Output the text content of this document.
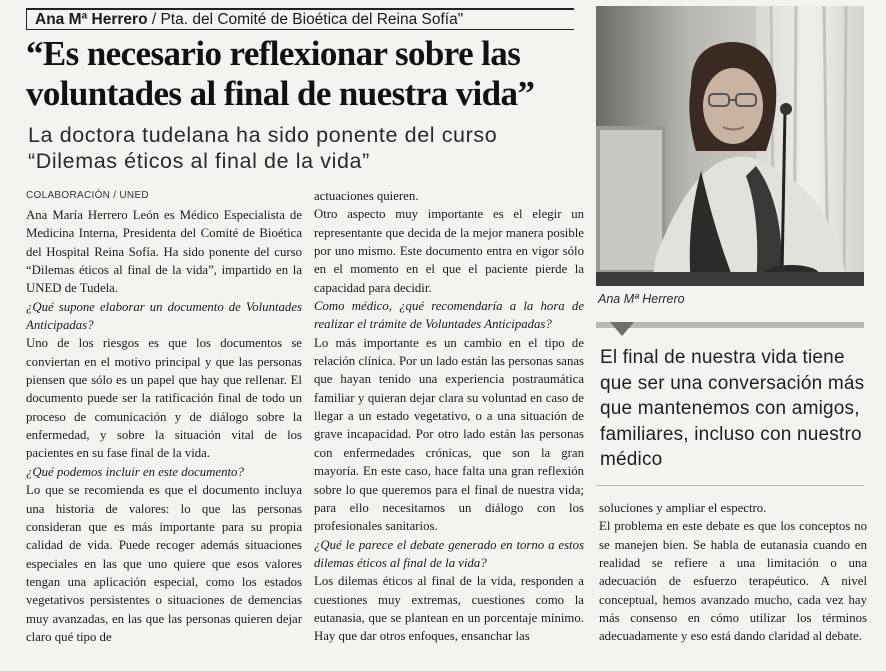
Ana Mª Herrero / Pta. del Comité de Bioética del Reina Sofía"
“Es necesario reflexionar sobre las voluntades al final de nuestra vida”
La doctora tudelana ha sido ponente del curso
“Dilemas éticos al final de la vida”

COLABORACIÓN / UNED

Ana María Herrero León es Médico Especialista de Medicina Interna, Presidenta del Comité de Bioética del Hospital Reina Sofía. Ha sido ponente del curso “Dilemas éticos al final de la vida”, impartido en la UNED de Tudela.

¿Qué supone elaborar un documento de Voluntades Anticipadas?

Uno de los riesgos es que los documentos se conviertan en el motivo principal y que las personas piensen que sólo es un papel que hay que rellenar. El documento puede ser la ratificación final de todo un proceso de comunicación y de diálogo sobre la enfermedad, y sobre la situación vital de los pacientes en su fase final de la vida.

¿Qué podemos incluir en este documento?

Lo que se recomienda es que el documento incluya una historia de valores: lo que las personas consideran que es más importante para su propia calidad de vida. Puede recoger además situaciones especiales en las que uno quiere que esos valores tengan una aplicación especial, como los estados vegetativos persistentes o situaciones de demencias muy avanzadas, en las que las personas quieren dejar claro qué tipo de

actuaciones quieren.

Otro aspecto muy importante es el elegir un representante que decida de la mejor manera posible por uno mismo. Este documento entra en vigor sólo en el momento en el que el paciente pierde la capacidad para decidir.

Como médico, ¿qué recomendaría a la hora de realizar el trámite de Voluntades Anticipadas?

Lo más importante es un cambio en el tipo de relación clínica. Por un lado están las personas sanas que hayan tenido una experiencia postraumática familiar y quieran dejar clara su voluntad en caso de llegar a un estado vegetativo, o a una situación de grave incapacidad. Por otro lado están las personas con enfermedades crónicas, que son la gran mayoría. En este caso, hace falta una gran reflexión sobre lo que queremos para el final de nuestra vida; para ello necesitamos un diálogo con los profesionales sanitarios.

¿Qué le parece el debate generado en torno a estos dilemas éticos al final de la vida?

Los dilemas éticos al final de la vida, responden a cuestiones muy extremas, cuestiones como la eutanasia, que se plantean en un porcentaje mínimo. Hay que dar otros enfoques, ensanchar las

Ana Mª Herrero
El final de nuestra vida tiene que ser una conversación más que mantenemos con amigos, familiares, incluso con nuestro médico

soluciones y ampliar el espectro.

El problema en este debate es que los conceptos no se manejen bien. Se habla de eutanasia cuando en realidad se refiere a una limitación o una adecuación de esfuerzo terapéutico. A nivel conceptual, hemos avanzado mucho, cada vez hay más consenso en cómo utilizar los términos adecuadamente y eso está dando claridad al debate.
